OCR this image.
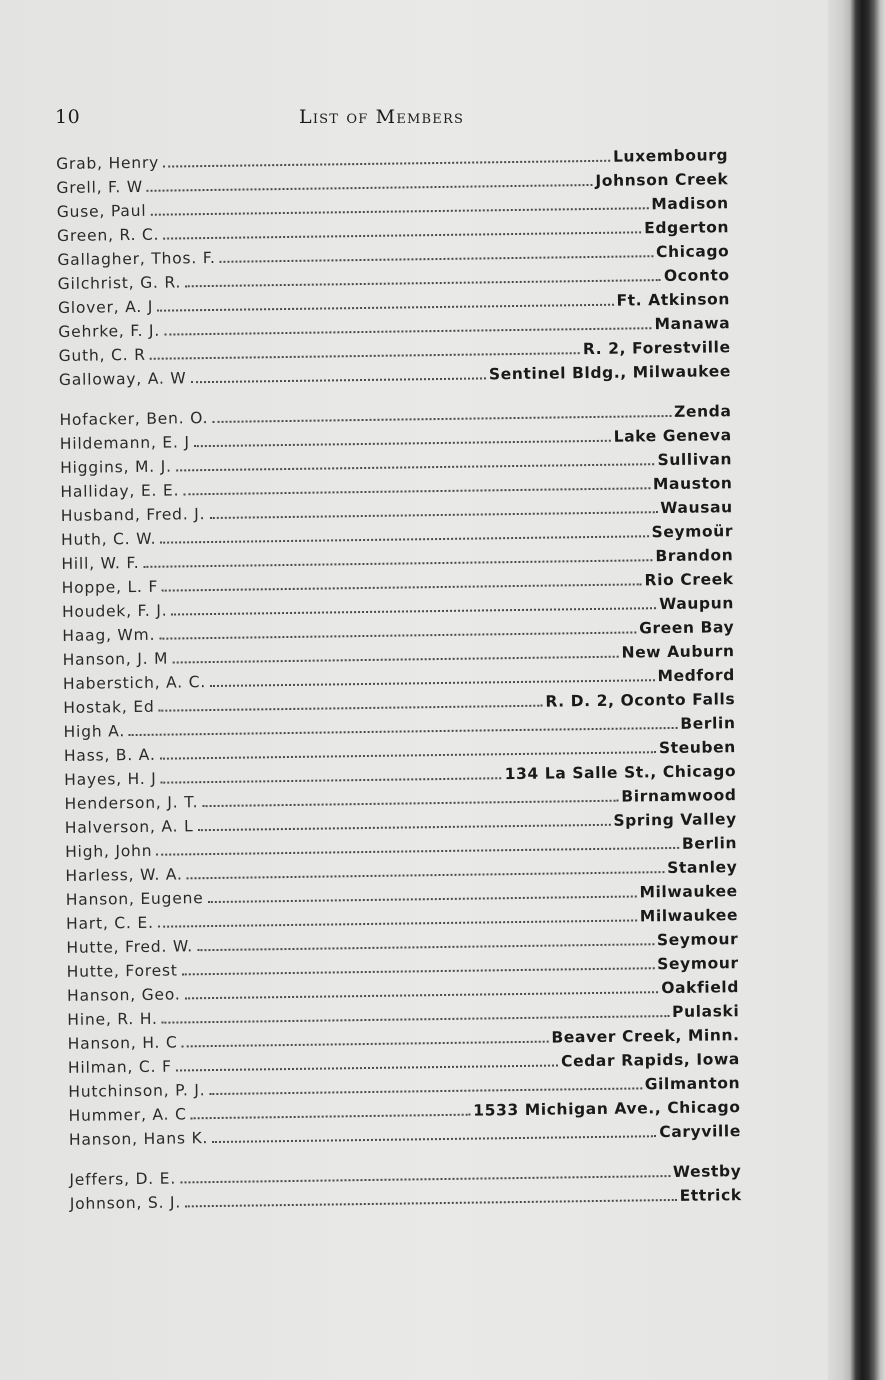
10	List of Members
Grab, Henry	Luxembourg
Grell, F. W	Johnson Creek
Guse, Paul	Madison
Green, R. C.	Edgerton
Gallagher, Thos. F.	Chicago
Gilchrist, G. R.	Oconto
Glover, A. J	Ft. Atkinson
Gehrke, F. J.	Manawa
Guth, C. R	R. 2, Forestville
Galloway, A. W	Sentinel Bldg., Milwaukee
Hofacker, Ben. O.	Zenda
Hildemann, E. J	Lake Geneva
Higgins, M. J.	Sullivan
Halliday, E. E.	Mauston
Husband, Fred. J.	Wausau
Huth, C. W.	Seymoür
Hill, W. F.	Brandon
Hoppe, L. F	Rio Creek
Houdek, F. J.	Waupun
Haag, Wm.	Green Bay
Hanson, J. M	New Auburn
Haberstich, A. C.	Medford
Hostak, Ed	R. D. 2, Oconto Falls
High A.	Berlin
Hass, B. A.	Steuben
Hayes, H. J	134 La Salle St., Chicago
Henderson, J. T.	Birnamwood
Halverson, A. L	Spring Valley
High, John	Berlin
Harless, W. A.	Stanley
Hanson, Eugene	Milwaukee
Hart, C. E.	Milwaukee
Hutte, Fred. W.	Seymour
Hutte, Forest	Seymour
Hanson, Geo.	Oakfield
Hine, R. H.	Pulaski
Hanson, H. C	Beaver Creek, Minn.
Hilman, C. F	Cedar Rapids, Iowa
Hutchinson, P. J.	Gilmanton
Hummer, A. C	1533 Michigan Ave., Chicago
Hanson, Hans K.	Caryville
Jeffers, D. E.	Westby
Johnson, S. J.	Ettrick
